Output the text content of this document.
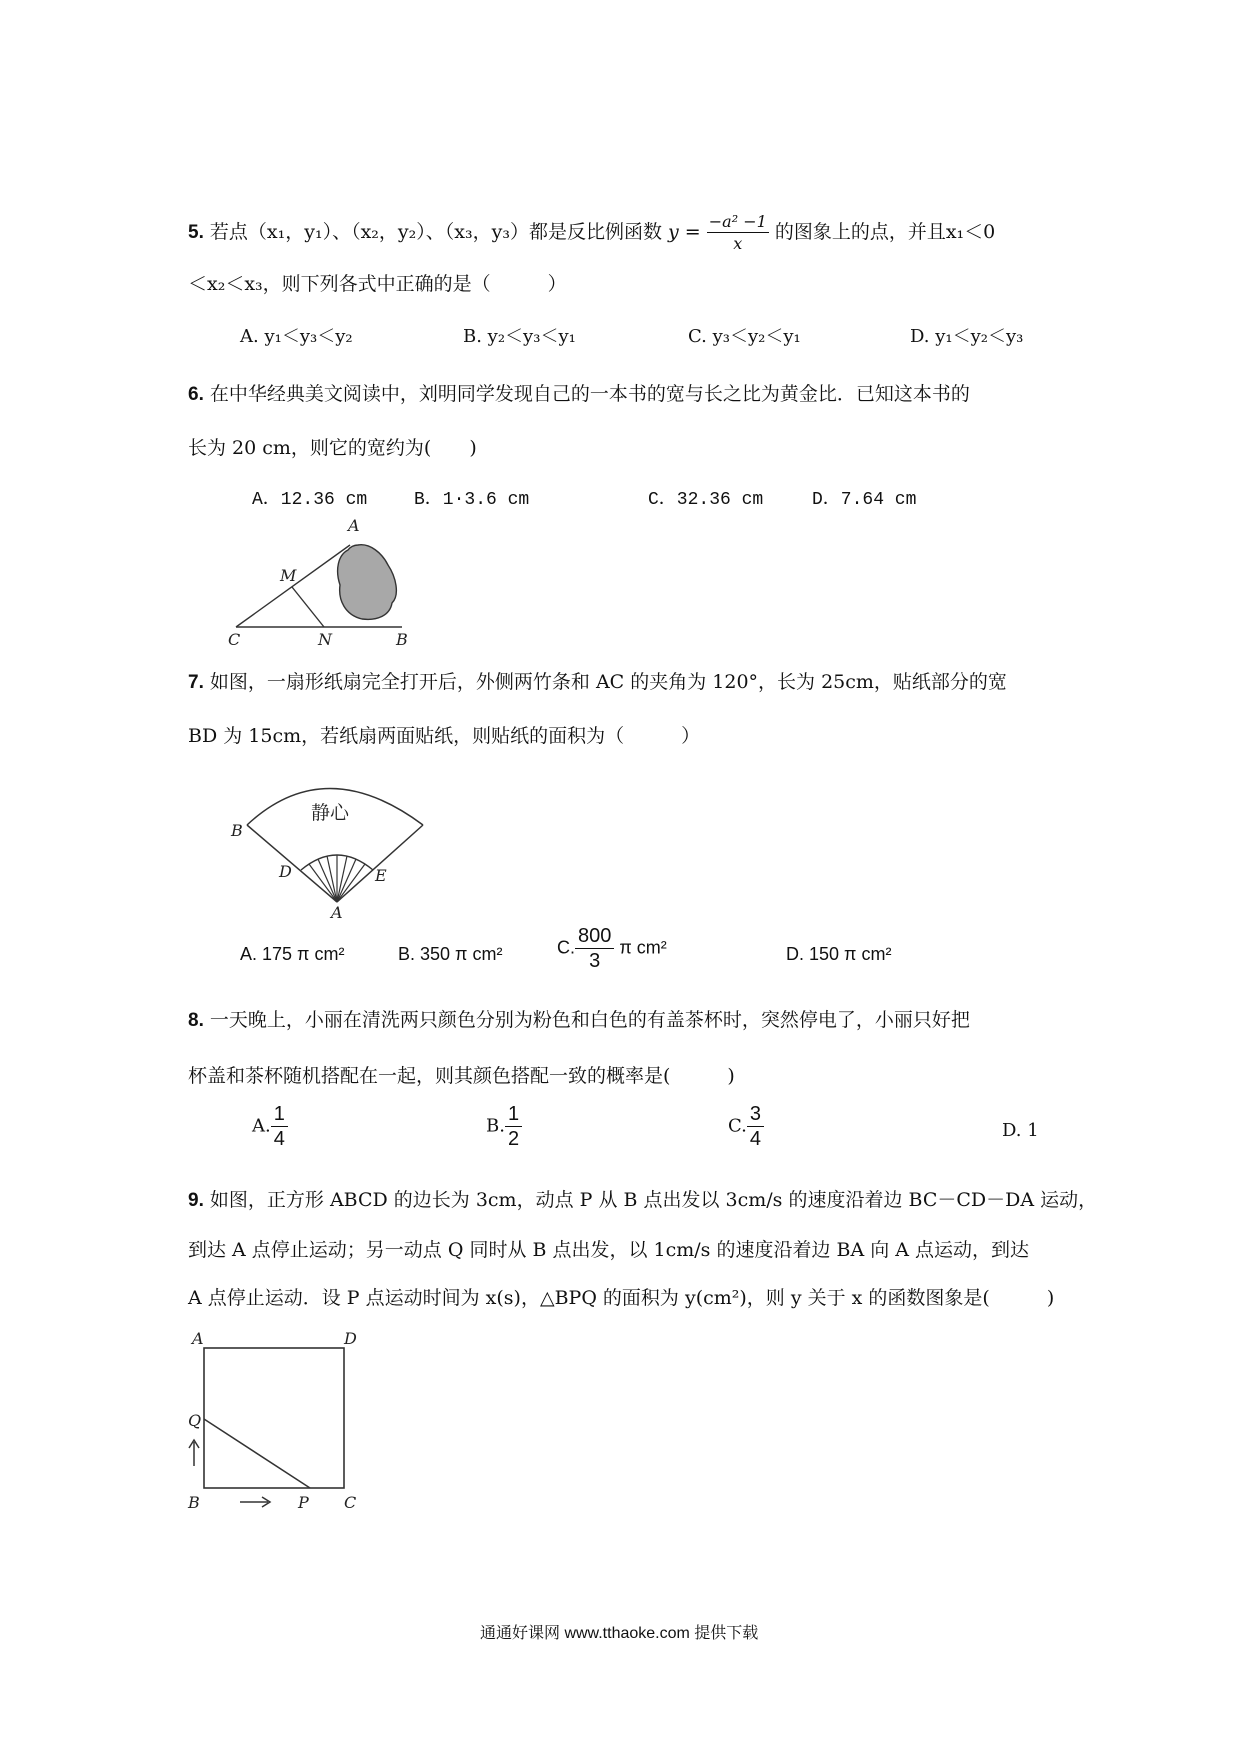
5. 若点（x₁，y₁）、（x₂，y₂）、（x₃，y₃）都是反比例函数 $y = \frac{\text{−a² −1}}{x}$ 的图象上的点，并且x₁＜0
＜x₂＜x₃，则下列各式中正确的是（　　　）
A. y₁＜y₃＜y₂	B. y₂＜y₃＜y₁	C. y₃＜y₂＜y₁	D. y₁＜y₂＜y₃
6. 在中华经典美文阅读中，刘明同学发现自己的一本书的宽与长之比为黄金比．已知这本书的
长为 20 cm，则它的宽约为(　　)
A．12.36 cm	B．1·3.6 cm	C．32.36 cm	D．7.64 cm
A
M
C	N	B
7. 如图，一扇形纸扇完全打开后，外侧两竹条和 AC 的夹角为 120°，长为 25cm，贴纸部分的宽
BD 为 15cm，若纸扇两面贴纸，则贴纸的面积为（　　　）
静心
B
D	E
A
A. 175 π cm²	B. 350 π cm²	C. $\frac{800}{3}$ π cm²	D. 150 π cm²
8. 一天晚上，小丽在清洗两只颜色分别为粉色和白色的有盖茶杯时，突然停电了，小丽只好把
杯盖和茶杯随机搭配在一起，则其颜色搭配一致的概率是(　　　)
A. $\frac{1}{4}$	B. $\frac{1}{2}$	C. $\frac{3}{4}$	D. 1
9. 如图，正方形 ABCD 的边长为 3cm，动点 P 从 B 点出发以 3cm/s 的速度沿着边 BC－CD－DA 运动，
到达 A 点停止运动；另一动点 Q 同时从 B 点出发，以 1cm/s 的速度沿着边 BA 向 A 点运动，到达
A 点停止运动．设 P 点运动时间为 x(s)，△BPQ 的面积为 y(cm²)，则 y 关于 x 的函数图象是(　　　)
A	D
Q
B	P C
通通好课网 www.tthaoke.com 提供下载
